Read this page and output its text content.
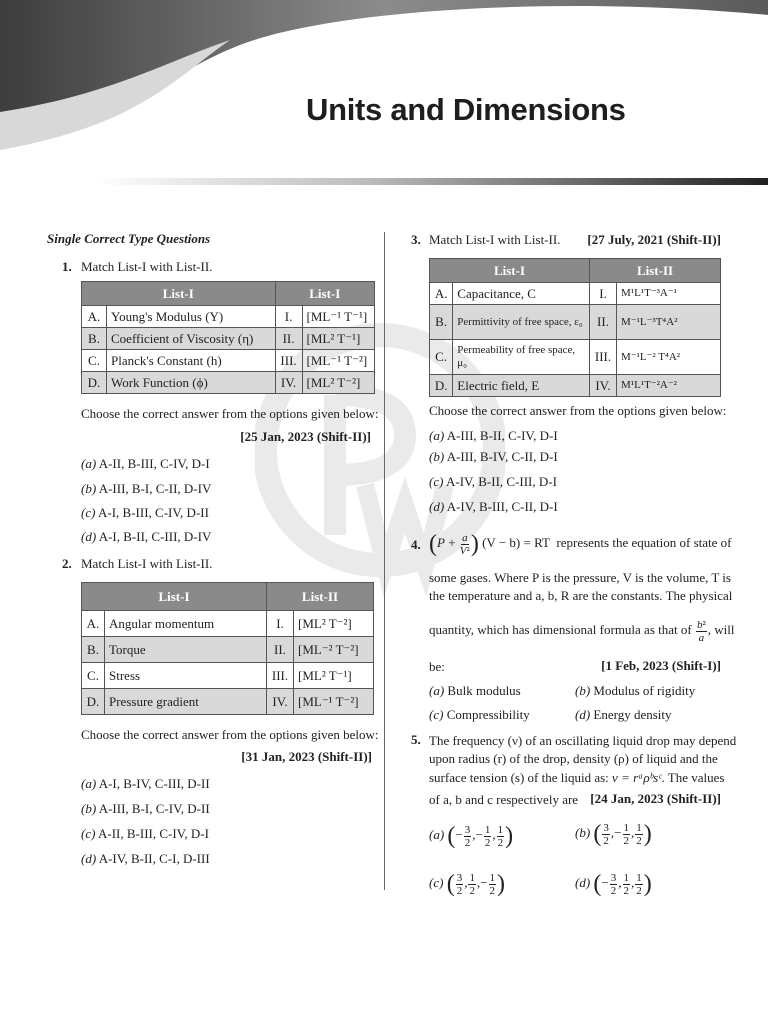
Units and Dimensions
Single Correct Type Questions
1. Match List-I with List-II.
List-I		List-I	
A.	Young's Modulus (Y)	I.	[ML⁻¹ T⁻¹]
B.	Coefficient of Viscosity (η)	II.	[ML² T⁻¹]
C.	Planck's Constant (h)	III.	[ML⁻¹ T⁻²]
D.	Work Function (ϕ)	IV.	[ML² T⁻²]
Choose the correct answer from the options given below:
[25 Jan, 2023 (Shift-II)]
(a) A-II, B-III, C-IV, D-I
(b) A-III, B-I, C-II, D-IV
(c) A-I, B-III, C-IV, D-II
(d) A-I, B-II, C-III, D-IV
2. Match List-I with List-II.
List-I		List-II	
A.	Angular momentum	I.	[ML² T⁻²]
B.	Torque	II.	[ML⁻² T⁻²]
C.	Stress	III.	[ML² T⁻¹]
D.	Pressure gradient	IV.	[ML⁻¹ T⁻²]
Choose the correct answer from the options given below:
[31 Jan, 2023 (Shift-II)]
(a) A-I, B-IV, C-III, D-II
(b) A-III, B-I, C-IV, D-II
(c) A-II, B-III, C-IV, D-I
(d) A-IV, B-II, C-I, D-III
3. Match List-I with List-II. [27 July, 2021 (Shift-II)]
List-I		List-II	
A.	Capacitance, C	I.	M¹L¹T⁻³A⁻¹
B.	Permittivity of free space, ε₀	II.	M⁻¹L⁻³T⁴A²
C.	Permeability of free space, μ₀	III.	M⁻¹L⁻² T⁴A²
D.	Electric field, E	IV.	M¹L¹T⁻²A⁻²
Choose the correct answer from the options given below:
(a) A-III, B-II, C-IV, D-I
(b) A-III, B-IV, C-II, D-I
(c) A-IV, B-II, C-III, D-I
(d) A-IV, B-III, C-II, D-I
4. ($P + \frac{a}{\text{V²}}$ ) (V − b) = RT represents the equation of state of
some gases. Where P is the pressure, V is the volume, T is
the temperature and a, b, R are the constants. The physical
quantity, which has dimensional formula as that of $\frac{\text{b²}}{a}$ , will
be:	[1 Feb, 2023 (Shift-I)]
(a) Bulk modulus	(b) Modulus of rigidity
(c) Compressibility	(d) Energy density
5. The frequency (ν) of an oscillating liquid drop may depend
upon radius (r) of the drop, density (ρ) of liquid and the
surface tension (s) of the liquid as: v = rᵃρᵇsᶜ. The values
of a, b and c respectively are [24 Jan, 2023 (Shift-II)]
(a) (− $\frac{3}{2}$ ,− $\frac{1}{2}$ , $\frac{1}{2}$ )	(b) ( $\frac{3}{2}$ ,− $\frac{1}{2}$ , $\frac{1}{2}$ )
(c) ( $\frac{3}{2}$ , $\frac{1}{2}$ ,− $\frac{1}{2}$ )	(d) (− $\frac{3}{2}$ , $\frac{1}{2}$ , $\frac{1}{2}$ )
